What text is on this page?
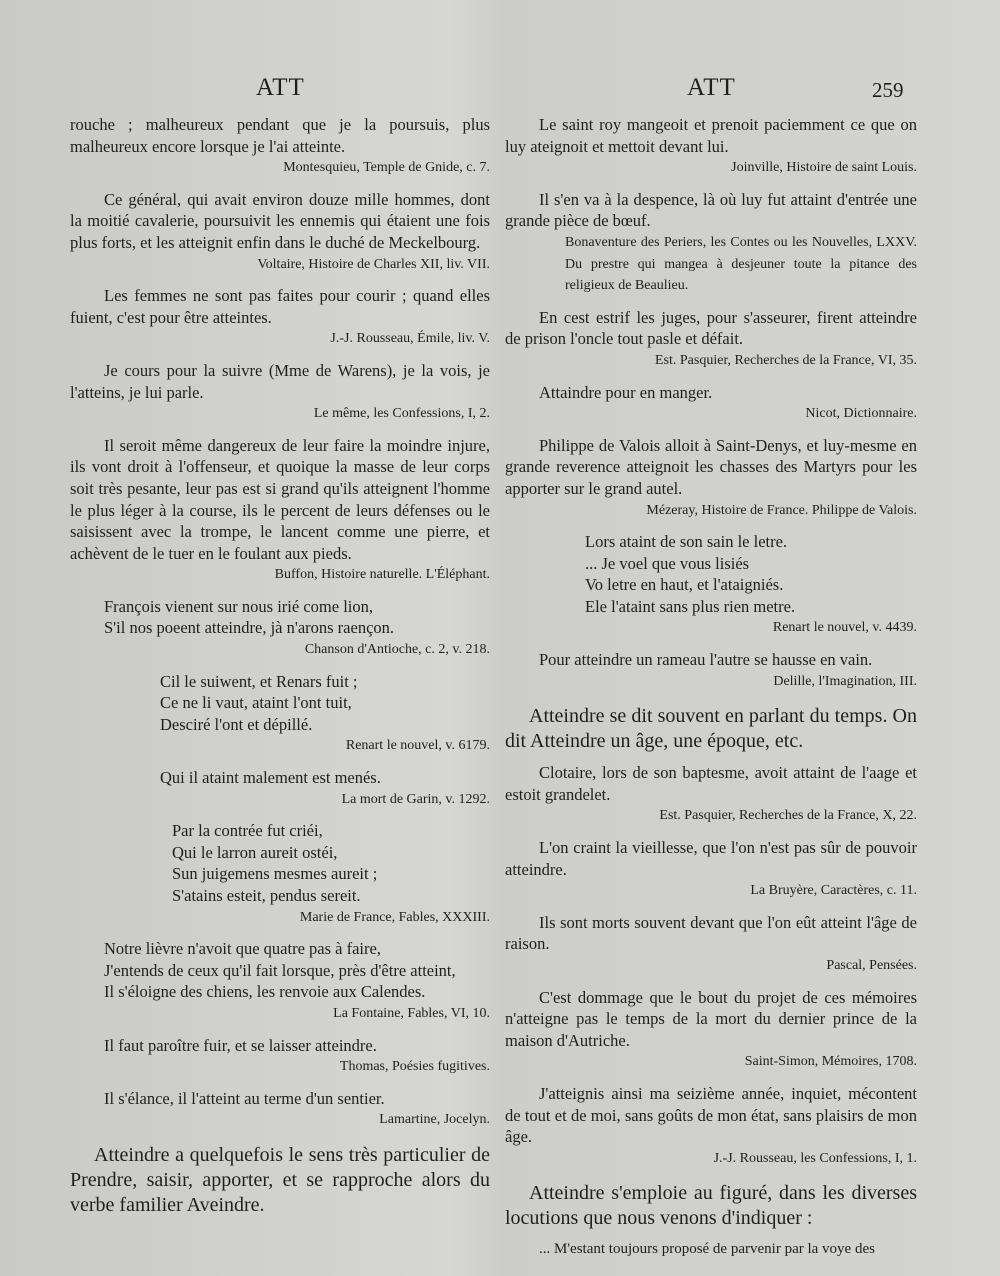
ATT	ATT	259

rouche ; malheureux pendant que je la poursuis, plus malheureux encore lorsque je l'ai atteinte.

Montesquieu, Temple de Gnide, c. 7.

Ce général, qui avait environ douze mille hommes, dont la moitié cavalerie, poursuivit les ennemis qui étaient une fois plus forts, et les atteignit enfin dans le duché de Meckelbourg.

Voltaire, Histoire de Charles XII, liv. VII.

Les femmes ne sont pas faites pour courir ; quand elles fuient, c'est pour être atteintes.

J.-J. Rousseau, Émile, liv. V.

Je cours pour la suivre (Mme de Warens), je la vois, je l'atteins, je lui parle.

Le même, les Confessions, I, 2.

Il seroit même dangereux de leur faire la moindre injure, ils vont droit à l'offenseur, et quoique la masse de leur corps soit très pesante, leur pas est si grand qu'ils atteignent l'homme le plus léger à la course, ils le percent de leurs défenses ou le saisissent avec la trompe, le lancent comme une pierre, et achèvent de le tuer en le foulant aux pieds.

Buffon, Histoire naturelle. L'Éléphant.

François vienent sur nous irié come lion,
S'il nos poeent atteindre, jà n'arons raençon.

Chanson d'Antioche, c. 2, v. 218.

Cil le suiwent, et Renars fuit ;
Ce ne li vaut, ataint l'ont tuit,
Desciré l'ont et dépillé.

Renart le nouvel, v. 6179.

Qui il ataint malement est menés.

La mort de Garin, v. 1292.

Par la contrée fut criéi,
Qui le larron aureit ostéi,
Sun juigemens mesmes aureit ;
S'atains esteit, pendus sereit.

Marie de France, Fables, XXXIII.

Notre lièvre n'avoit que quatre pas à faire,
J'entends de ceux qu'il fait lorsque, près d'être atteint,
Il s'éloigne des chiens, les renvoie aux Calendes.

La Fontaine, Fables, VI, 10.

Il faut paroître fuir, et se laisser atteindre.

Thomas, Poésies fugitives.

Il s'élance, il l'atteint au terme d'un sentier.

Lamartine, Jocelyn.

Atteindre a quelquefois le sens très particulier de Prendre, saisir, apporter, et se rapproche alors du verbe familier Aveindre.

Le saint roy mangeoit et prenoit paciemment ce que on luy ateignoit et mettoit devant lui.

Joinville, Histoire de saint Louis.

Il s'en va à la despence, là où luy fut attaint d'entrée une grande pièce de bœuf.

Bonaventure des Periers, les Contes ou les Nouvelles, LXXV. Du prestre qui mangea à desjeuner toute la pitance des religieux de Beaulieu.

En cest estrif les juges, pour s'asseurer, firent atteindre de prison l'oncle tout pasle et défait.

Est. Pasquier, Recherches de la France, VI, 35.

Attaindre pour en manger.

Nicot, Dictionnaire.

Philippe de Valois alloit à Saint-Denys, et luy-mesme en grande reverence atteignoit les chasses des Martyrs pour les apporter sur le grand autel.

Mézeray, Histoire de France. Philippe de Valois.

Lors ataint de son sain le letre.
... Je voel que vous lisiés
Vo letre en haut, et l'ataigniés.
Ele l'ataint sans plus rien metre.

Renart le nouvel, v. 4439.

Pour atteindre un rameau l'autre se hausse en vain.

Delille, l'Imagination, III.

Atteindre se dit souvent en parlant du temps. On dit Atteindre un âge, une époque, etc.

Clotaire, lors de son baptesme, avoit attaint de l'aage et estoit grandelet.

Est. Pasquier, Recherches de la France, X, 22.

L'on craint la vieillesse, que l'on n'est pas sûr de pouvoir atteindre.

La Bruyère, Caractères, c. 11.

Ils sont morts souvent devant que l'on eût atteint l'âge de raison.

Pascal, Pensées.

C'est dommage que le bout du projet de ces mémoires n'atteigne pas le temps de la mort du dernier prince de la maison d'Autriche.

Saint-Simon, Mémoires, 1708.

J'atteignis ainsi ma seizième année, inquiet, mécontent de tout et de moi, sans goûts de mon état, sans plaisirs de mon âge.

J.-J. Rousseau, les Confessions, I, 1.

Atteindre s'emploie au figuré, dans les diverses locutions que nous venons d'indiquer :

... M'estant toujours proposé de parvenir par la voye des
